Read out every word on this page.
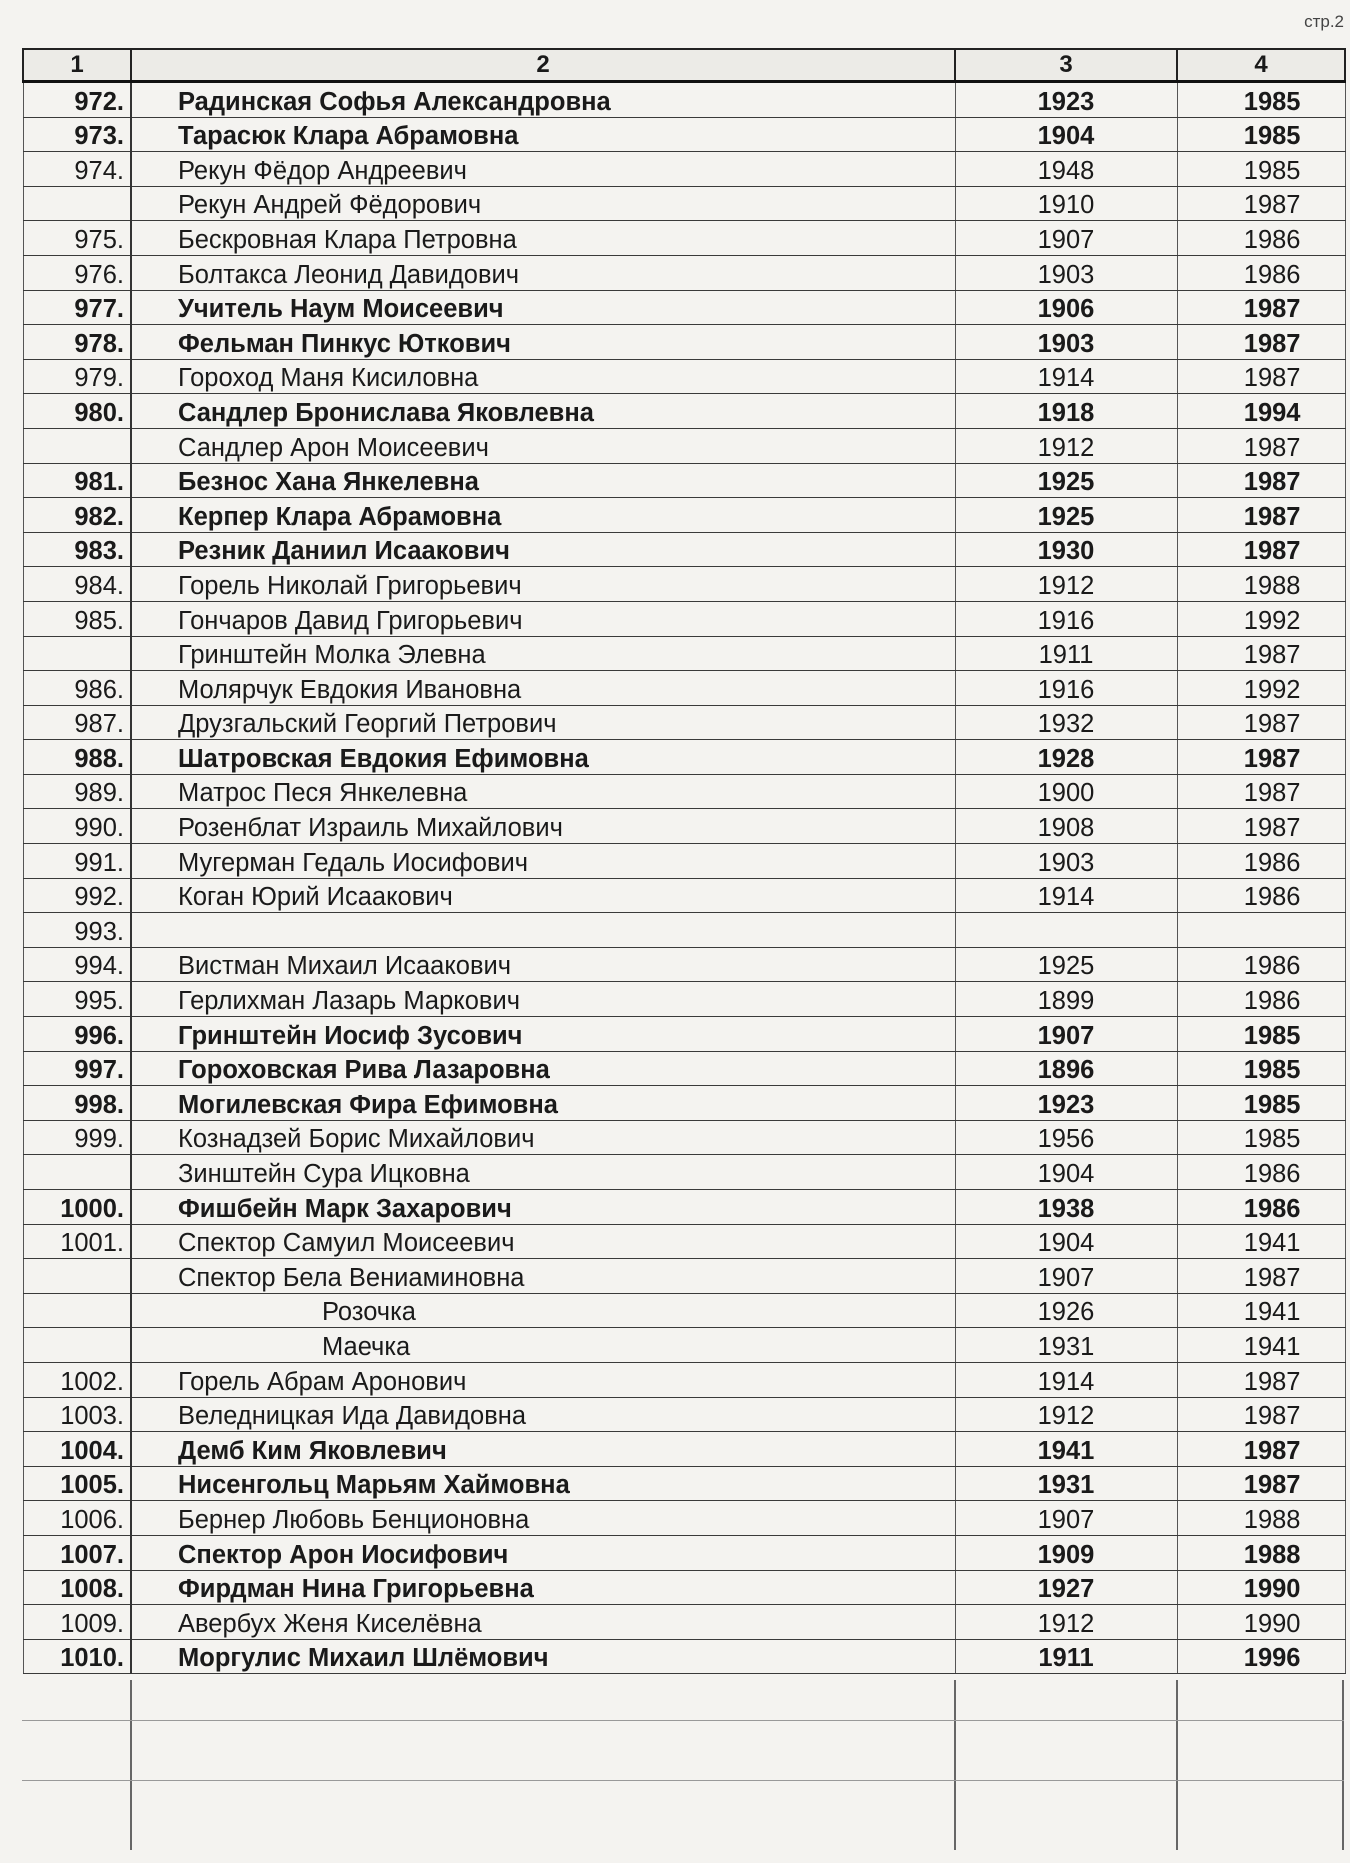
стр.2
1	2	3	4
972.	Радинская Софья Александровна	1923	1985
973.	Тарасюк Клара Абрамовна	1904	1985
974.	Рекун Фёдор Андреевич	1948	1985
	Рекун Андрей Фёдорович	1910	1987
975.	Бескровная Клара Петровна	1907	1986
976.	Болтакса Леонид Давидович	1903	1986
977.	Учитель Наум Моисеевич	1906	1987
978.	Фельман Пинкус Юткович	1903	1987
979.	Гороход Маня Кисиловна	1914	1987
980.	Сандлер Бронислава Яковлевна	1918	1994
	Сандлер Арон Моисеевич	1912	1987
981.	Безнос Хана Янкелевна	1925	1987
982.	Керпер Клара Абрамовна	1925	1987
983.	Резник Даниил Исаакович	1930	1987
984.	Горель Николай Григорьевич	1912	1988
985.	Гончаров Давид Григорьевич	1916	1992
	Гринштейн Молка Элевна	1911	1987
986.	Молярчук Евдокия Ивановна	1916	1992
987.	Друзгальский Георгий Петрович	1932	1987
988.	Шатровская Евдокия Ефимовна	1928	1987
989.	Матрос Песя Янкелевна	1900	1987
990.	Розенблат Израиль Михайлович	1908	1987
991.	Мугерман Гедаль Иосифович	1903	1986
992.	Коган Юрий Исаакович	1914	1986
993.			
994.	Вистман Михаил Исаакович	1925	1986
995.	Герлихман Лазарь Маркович	1899	1986
996.	Гринштейн Иосиф Зусович	1907	1985
997.	Гороховская Рива Лазаровна	1896	1985
998.	Могилевская Фира Ефимовна	1923	1985
999.	Кознадзей Борис Михайлович	1956	1985
	Зинштейн Сура Ицковна	1904	1986
1000.	Фишбейн Марк Захарович	1938	1986
1001.	Спектор Самуил Моисеевич	1904	1941
	Спектор Бела Вениаминовна	1907	1987
	Розочка	1926	1941
	Маечка	1931	1941
1002.	Горель Абрам Аронович	1914	1987
1003.	Веледницкая Ида Давидовна	1912	1987
1004.	Демб Ким Яковлевич	1941	1987
1005.	Нисенгольц Марьям Хаймовна	1931	1987
1006.	Бернер Любовь Бенционовна	1907	1988
1007.	Спектор Арон Иосифович	1909	1988
1008.	Фирдман Нина Григорьевна	1927	1990
1009.	Авербух Женя Киселёвна	1912	1990
1010.	Моргулис Михаил Шлёмович	1911	1996
